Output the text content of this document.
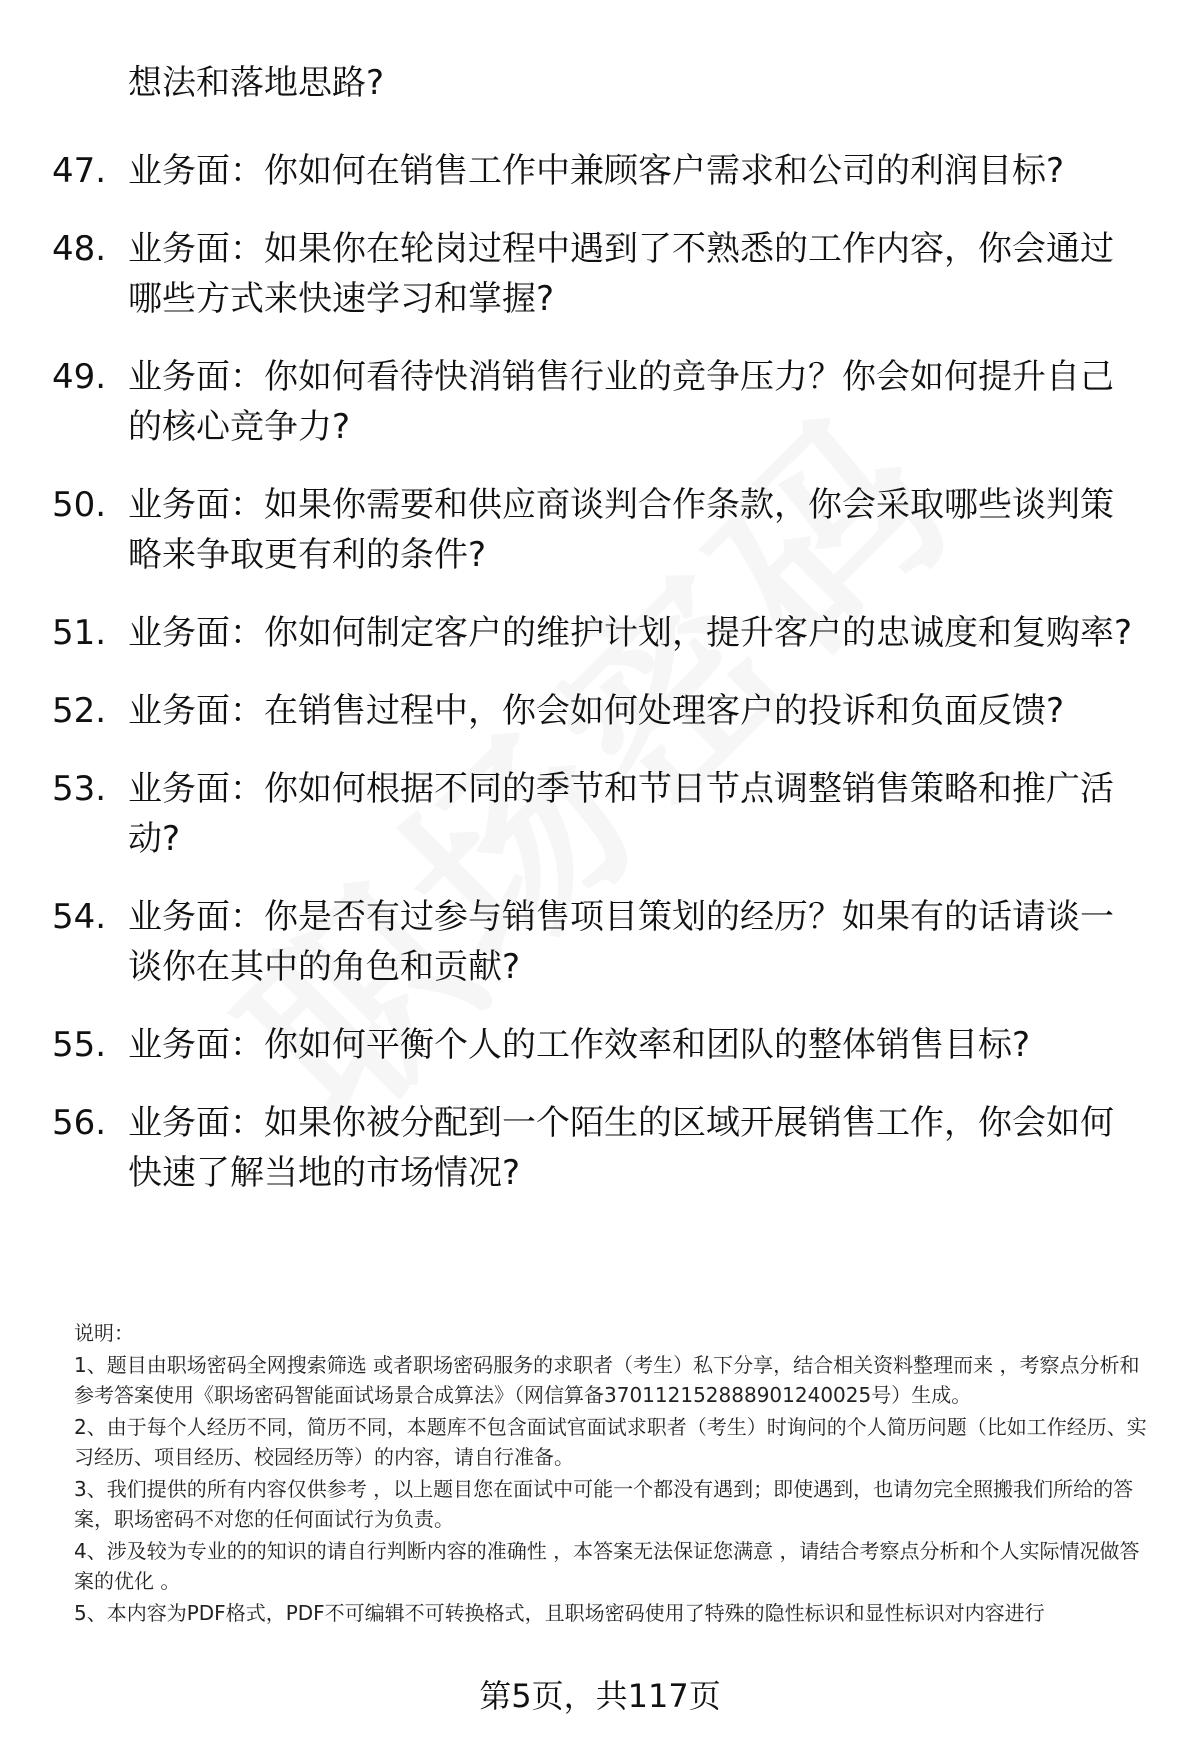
想法和落地思路?
47. 业务面：你如何在销售工作中兼顾客户需求和公司的利润目标?
48. 业务面：如果你在轮岗过程中遇到了不熟悉的工作内容，你会通过哪些方式来快速学习和掌握?
49. 业务面：你如何看待快消销售行业的竞争压力？你会如何提升自己的核心竞争力?
50. 业务面：如果你需要和供应商谈判合作条款，你会采取哪些谈判策略来争取更有利的条件?
51. 业务面：你如何制定客户的维护计划，提升客户的忠诚度和复购率?
52. 业务面：在销售过程中，你会如何处理客户的投诉和负面反馈?
53. 业务面：你如何根据不同的季节和节日节点调整销售策略和推广活动?
54. 业务面：你是否有过参与销售项目策划的经历？如果有的话请谈一谈你在其中的角色和贡献?
55. 业务面：你如何平衡个人的工作效率和团队的整体销售目标?
56. 业务面：如果你被分配到一个陌生的区域开展销售工作，你会如何快速了解当地的市场情况?
说明：
1、题目由职场密码全网搜索筛选 或者职场密码服务的求职者（考生）私下分享，结合相关资料整理而来 ，考察点分析和参考答案使用《职场密码智能面试场景合成算法》（网信算备370112152888901240025号）生成。
2、由于每个人经历不同，简历不同，本题库不包含面试官面试求职者（考生）时询问的个人简历问题（比如工作经历、实习经历、项目经历、校园经历等）的内容，请自行准备。
3、我们提供的所有内容仅供参考 ，以上题目您在面试中可能一个都没有遇到；即使遇到，也请勿完全照搬我们所给的答案，职场密码不对您的任何面试行为负责。
4、涉及较为专业的的知识的请自行判断内容的准确性 ，本答案无法保证您满意 ，请结合考察点分析和个人实际情况做答案的优化 。
5、本内容为PDF格式，PDF不可编辑不可转换格式，且职场密码使用了特殊的隐性标识和显性标识对内容进行
第5页，共117页
